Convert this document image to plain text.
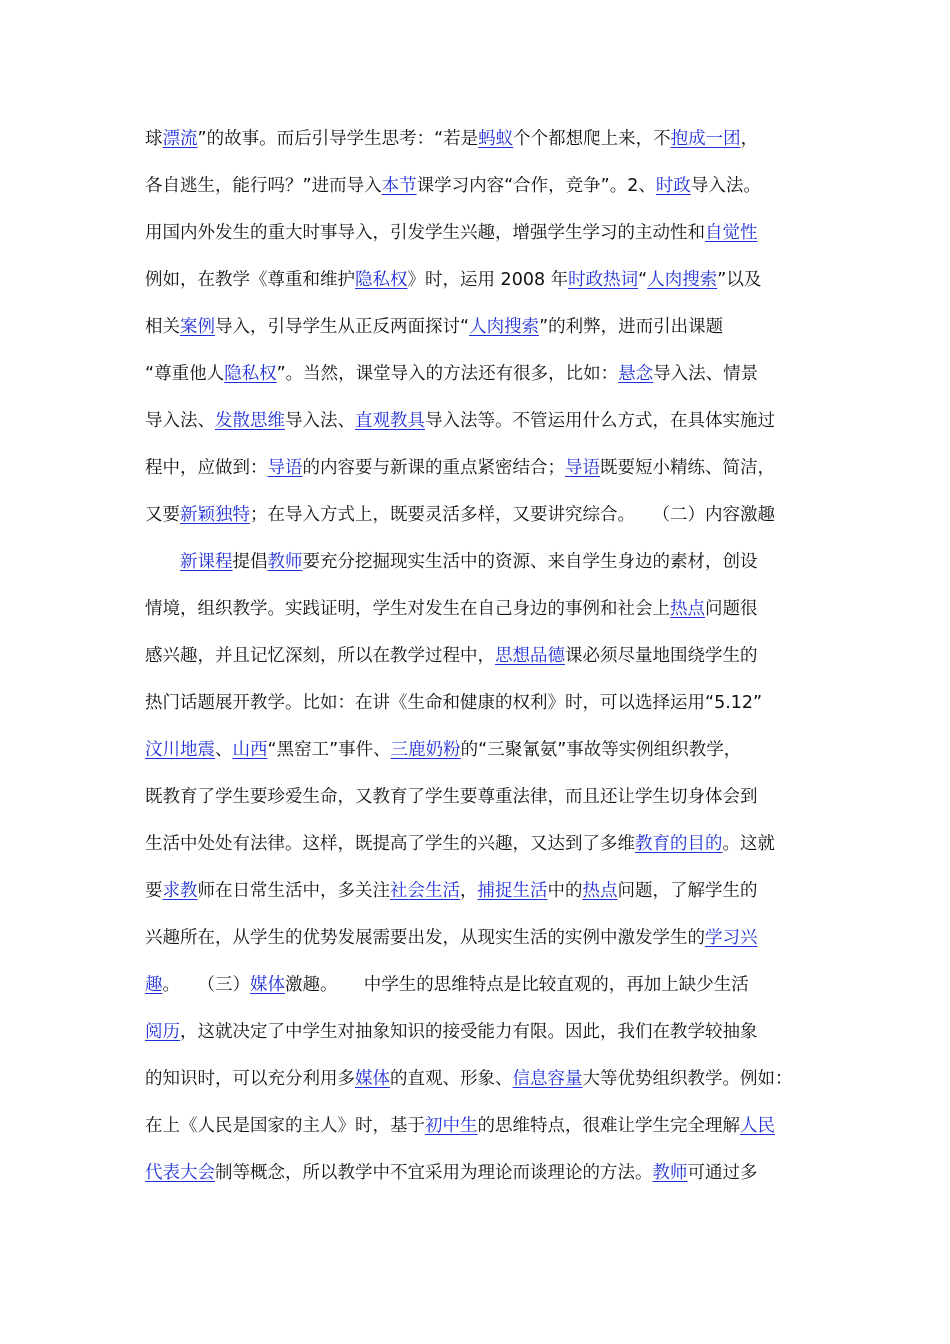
球漂流”的故事。而后引导学生思考：“若是蚂蚁个个都想爬上来，不抱成一团，
各自逃生，能行吗？”进而导入本节课学习内容“合作，竞争”。2、时政导入法。
用国内外发生的重大时事导入，引发学生兴趣，增强学生学习的主动性和自觉性
例如，在教学《尊重和维护隐私权》时，运用 2008 年时政热词“人肉搜索”以及
相关案例导入，引导学生从正反两面探讨“人肉搜索”的利弊，进而引出课题
“尊重他人隐私权”。当然，课堂导入的方法还有很多，比如：悬念导入法、情景
导入法、发散思维导入法、直观教具导入法等。不管运用什么方式，在具体实施过
程中，应做到：导语的内容要与新课的重点紧密结合；导语既要短小精练、简洁，
又要新颖独特；在导入方式上，既要灵活多样，又要讲究综合。　　（二）内容激趣
　　新课程提倡教师要充分挖掘现实生活中的资源、来自学生身边的素材，创设
情境，组织教学。实践证明，学生对发生在自己身边的事例和社会上热点问题很
感兴趣，并且记忆深刻，所以在教学过程中，思想品德课必须尽量地围绕学生的
热门话题展开教学。比如：在讲《生命和健康的权利》时，可以选择运用“5.12”
汶川地震、山西“黑窑工”事件、三鹿奶粉的“三聚氰氨”事故等实例组织教学，
既教育了学生要珍爱生命，又教育了学生要尊重法律，而且还让学生切身体会到
生活中处处有法律。这样，既提高了学生的兴趣，又达到了多维教育的目的。这就
要求教师在日常生活中，多关注社会生活，捕捉生活中的热点问题，了解学生的
兴趣所在，从学生的优势发展需要出发，从现实生活的实例中激发学生的学习兴
趣。　　（三）媒体激趣。　　中学生的思维特点是比较直观的，再加上缺少生活
阅历，这就决定了中学生对抽象知识的接受能力有限。因此，我们在教学较抽象
的知识时，可以充分利用多媒体的直观、形象、信息容量大等优势组织教学。例如：
在上《人民是国家的主人》时，基于初中生的思维特点，很难让学生完全理解人民
代表大会制等概念，所以教学中不宜采用为理论而谈理论的方法。教师可通过多
